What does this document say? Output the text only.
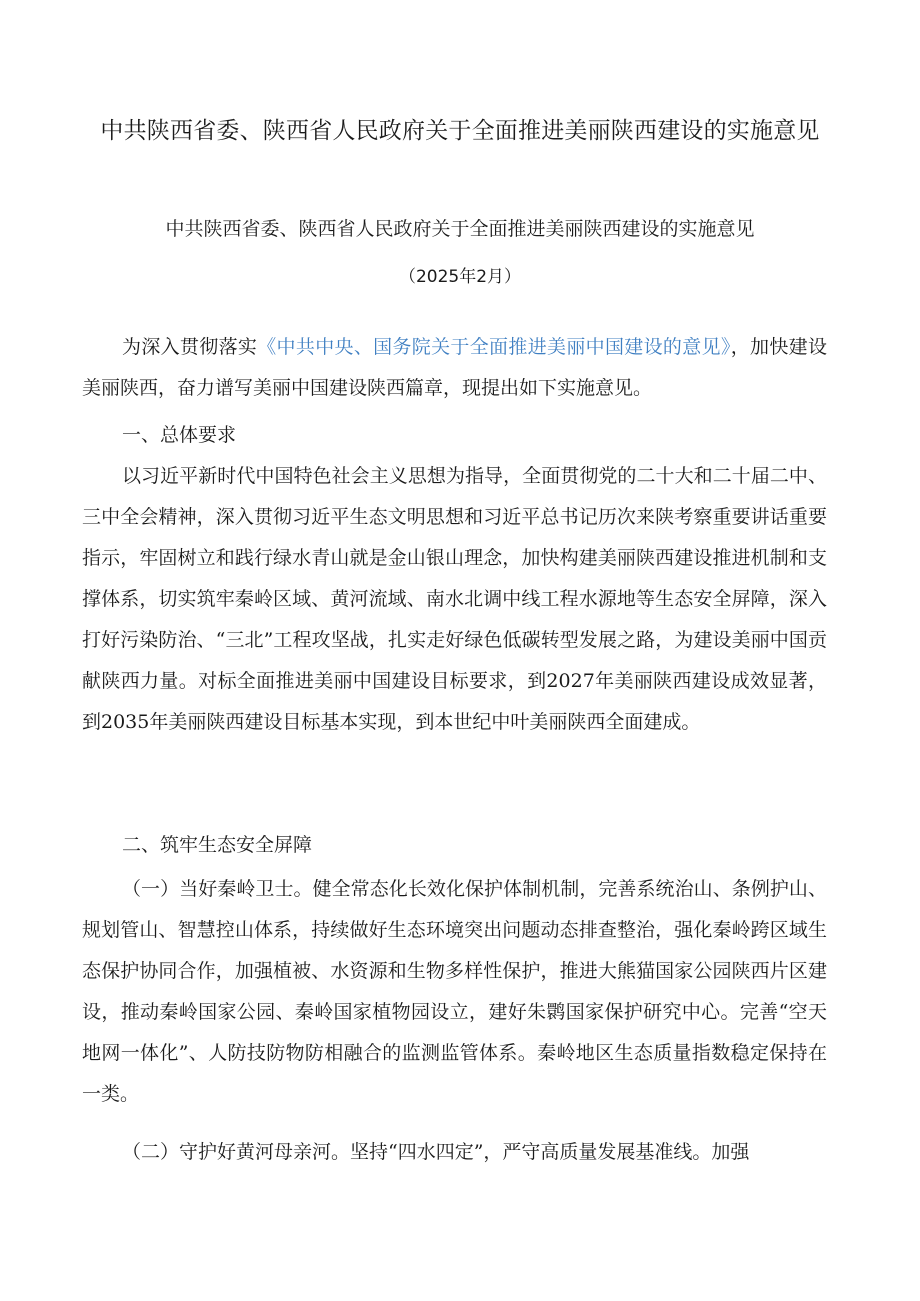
中共陕西省委、陕西省人民政府关于全面推进美丽陕西建设的实施意见
中共陕西省委、陕西省人民政府关于全面推进美丽陕西建设的实施意见
（2025年2月）
为深入贯彻落实《中共中央、国务院关于全面推进美丽中国建设的意见》，加快建设美丽陕西，奋力谱写美丽中国建设陕西篇章，现提出如下实施意见。
一、总体要求
以习近平新时代中国特色社会主义思想为指导，全面贯彻党的二十大和二十届二中、三中全会精神，深入贯彻习近平生态文明思想和习近平总书记历次来陕考察重要讲话重要指示，牢固树立和践行绿水青山就是金山银山理念，加快构建美丽陕西建设推进机制和支撑体系，切实筑牢秦岭区域、黄河流域、南水北调中线工程水源地等生态安全屏障，深入打好污染防治、“三北”工程攻坚战，扎实走好绿色低碳转型发展之路，为建设美丽中国贡献陕西力量。对标全面推进美丽中国建设目标要求，到2027年美丽陕西建设成效显著，到2035年美丽陕西建设目标基本实现，到本世纪中叶美丽陕西全面建成。
二、筑牢生态安全屏障
（一）当好秦岭卫士。健全常态化长效化保护体制机制，完善系统治山、条例护山、规划管山、智慧控山体系，持续做好生态环境突出问题动态排查整治，强化秦岭跨区域生态保护协同合作，加强植被、水资源和生物多样性保护，推进大熊猫国家公园陕西片区建设，推动秦岭国家公园、秦岭国家植物园设立，建好朱鹮国家保护研究中心。完善“空天地网一体化”、人防技防物防相融合的监测监管体系。秦岭地区生态质量指数稳定保持在一类。
（二）守护好黄河母亲河。坚持“四水四定”，严守高质量发展基准线。加强
